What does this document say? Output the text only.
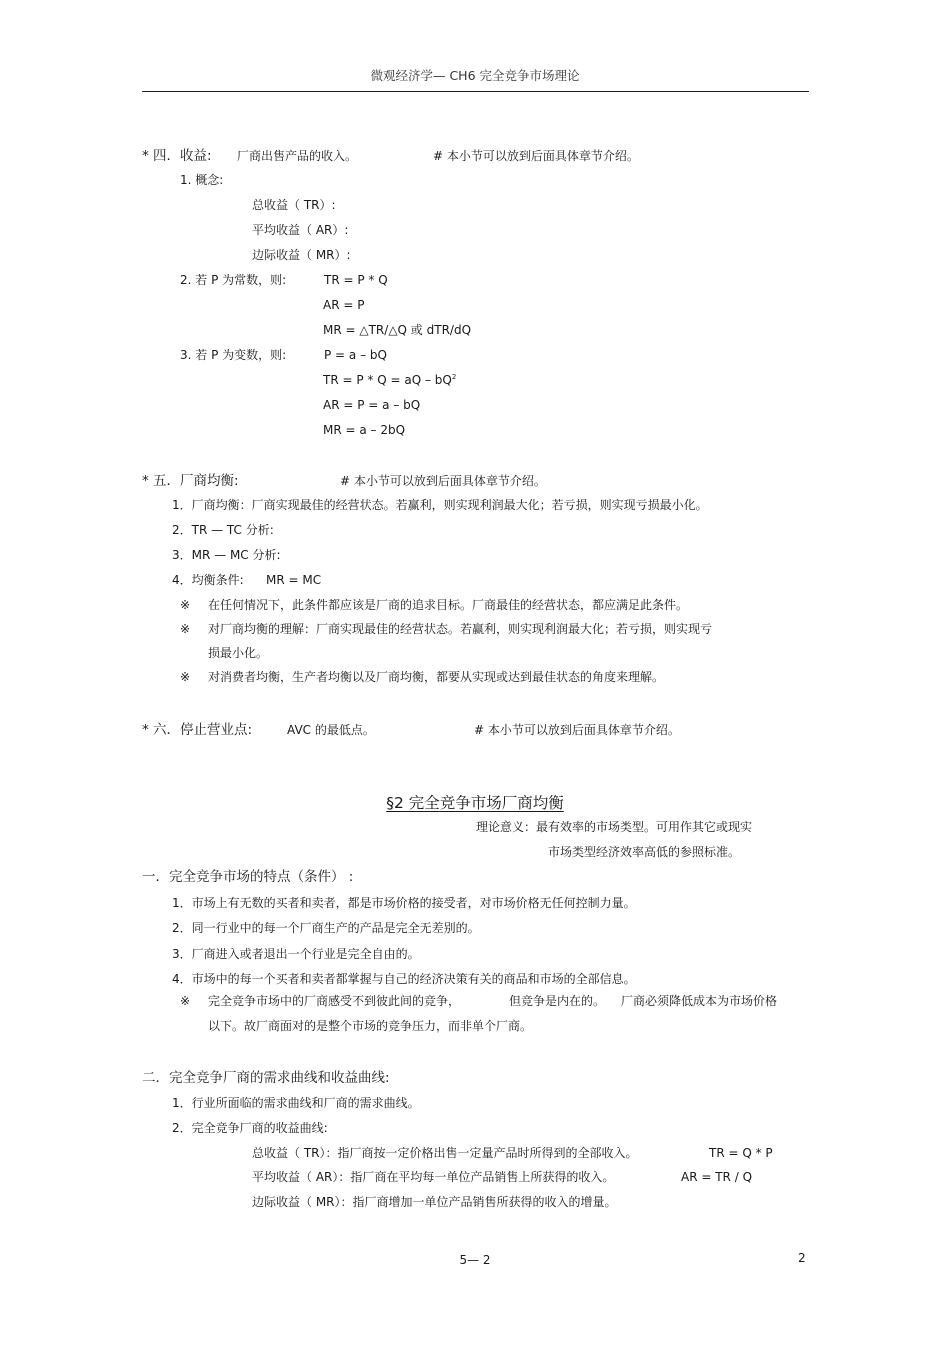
微观经济学— CH6 完全竞争市场理论
* 四．收益: 厂商出售产品的收入。	# 本小节可以放到后面具体章节介绍。
1. 概念:
总收益（ TR）:
平均收益（ AR）:
边际收益（ MR）:
2. 若 P 为常数，则:	TR = P * Q
AR = P
MR = △TR/△Q 或 dTR/dQ
3. 若 P 为变数，则:	P = a – bQ
TR = P * Q = aQ – $bQ^2$
AR = P = a – bQ
MR = a – 2bQ
* 五．厂商均衡:	# 本小节可以放到后面具体章节介绍。
1．厂商均衡：厂商实现最佳的经营状态。若赢利，则实现利润最大化；若亏损，则实现亏损最小化。
2．TR — TC 分析:
3．MR — MC 分析:
4．均衡条件: MR = MC
※ 在任何情况下，此条件都应该是厂商的追求目标。厂商最佳的经营状态，都应满足此条件。
※ 对厂商均衡的理解：厂商实现最佳的经营状态。若赢利，则实现利润最大化；若亏损，则实现亏
损最小化。
※ 对消费者均衡，生产者均衡以及厂商均衡，都要从实现或达到最佳状态的角度来理解。
* 六．停止营业点:	AVC 的最低点。	# 本小节可以放到后面具体章节介绍。
§2 完全竞争市场厂商均衡
理论意义：最有效率的市场类型。可用作其它或现实
市场类型经济效率高低的参照标准。
一．完全竞争市场的特点（条件） :
1．市场上有无数的买者和卖者，都是市场价格的接受者，对市场价格无任何控制力量。
2．同一行业中的每一个厂商生产的产品是完全无差别的。
3．厂商进入或者退出一个行业是完全自由的。
4．市场中的每一个买者和卖者都掌握与自己的经济决策有关的商品和市场的全部信息。
※ 完全竞争市场中的厂商感受不到彼此间的竞争，	但竞争是内在的。 厂商必须降低成本为市场价格
以下。故厂商面对的是整个市场的竞争压力，而非单个厂商。
二．完全竞争厂商的需求曲线和收益曲线:
1．行业所面临的需求曲线和厂商的需求曲线。
2．完全竞争厂商的收益曲线:
总收益（ TR）：指厂商按一定价格出售一定量产品时所得到的全部收入。	TR = Q * P
平均收益（ AR）：指厂商在平均每一单位产品销售上所获得的收入。	AR = TR / Q
边际收益（ MR）：指厂商增加一单位产品销售所获得的收入的增量。
5— 2	2
